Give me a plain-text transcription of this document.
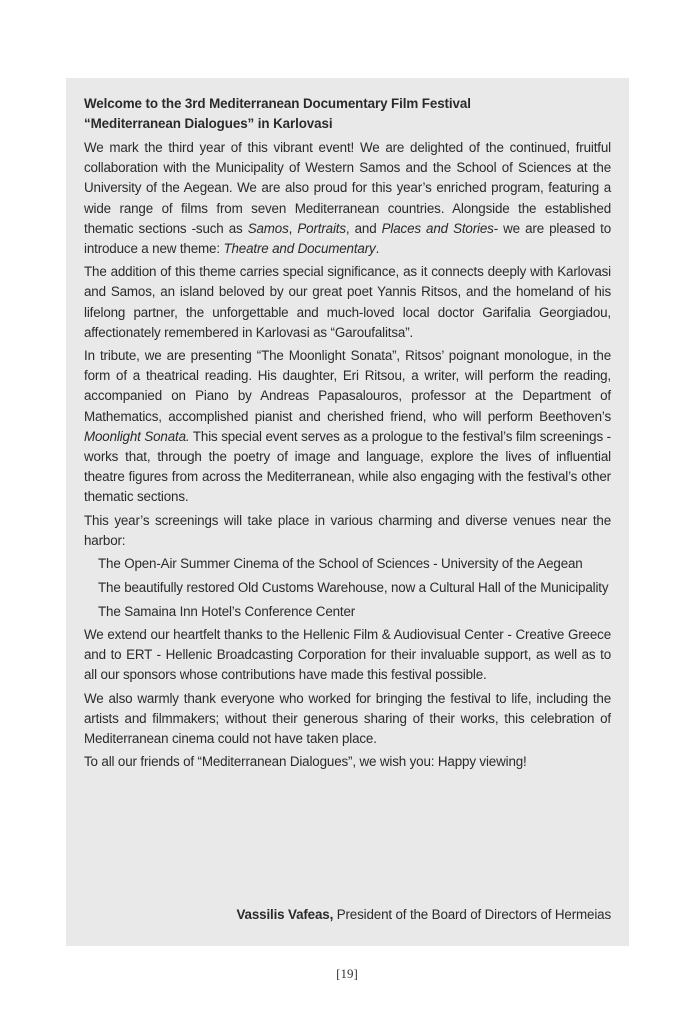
Welcome to the 3rd Mediterranean Documentary Film Festival
“Mediterranean Dialogues” in Karlovasi

We mark the third year of this vibrant event! We are delighted of the continued, fruitful collaboration with the Municipality of Western Samos and the School of Sciences at the University of the Aegean. We are also proud for this year’s enriched program, featuring a wide range of films from seven Mediterranean countries. Alongside the established thematic sections -such as Samos, Portraits, and Places and Stories- we are pleased to introduce a new theme: Theatre and Documentary.

The addition of this theme carries special significance, as it connects deeply with Karlovasi and Samos, an island beloved by our great poet Yannis Ritsos, and the homeland of his lifelong partner, the unforgettable and much-loved local doctor Garifalia Georgiadou, affectionately remembered in Karlovasi as “Garoufalitsa”.

In tribute, we are presenting “The Moonlight Sonata”, Ritsos’ poignant monologue, in the form of a theatrical reading. His daughter, Eri Ritsou, a writer, will perform the reading, accompanied on Piano by Andreas Papasalouros, professor at the Department of Mathematics, accomplished pianist and cherished friend, who will perform Beethoven’s Moonlight Sonata. This special event serves as a prologue to the festival’s film screenings - works that, through the poetry of image and language, explore the lives of influential theatre figures from across the Mediterranean, while also engaging with the festival’s other thematic sections.

This year’s screenings will take place in various charming and diverse venues near the harbor:

The Open-Air Summer Cinema of the School of Sciences - University of the Aegean
The beautifully restored Old Customs Warehouse, now a Cultural Hall of the Municipality
The Samaina Inn Hotel’s Conference Center

We extend our heartfelt thanks to the Hellenic Film & Audiovisual Center - Creative Greece and to ERT - Hellenic Broadcasting Corporation for their invaluable support, as well as to all our sponsors whose contributions have made this festival possible.

We also warmly thank everyone who worked for bringing the festival to life, including the artists and filmmakers; without their generous sharing of their works, this celebration of Mediterranean cinema could not have taken place.

To all our friends of “Mediterranean Dialogues”, we wish you: Happy viewing!

Vassilis Vafeas, President of the Board of Directors of Hermeias
[19]
